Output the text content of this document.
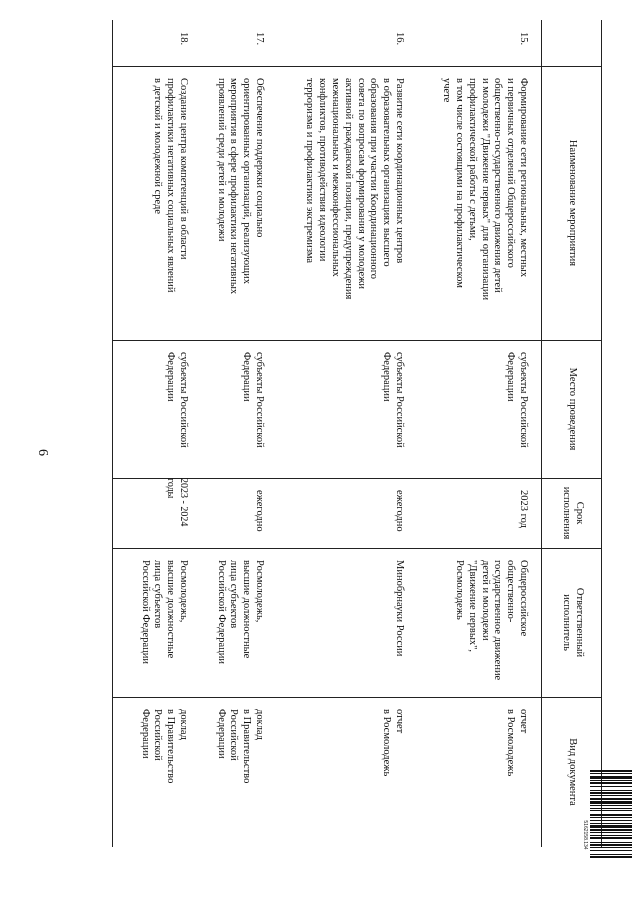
6
Наименование мероприятия
Место проведения
Срок
исполнения
Ответственный
исполнитель
Вид документа
15.
Формирование сети региональных, местных
и первичных отделений Общероссийского
общественно-государственного движения детей
и молодежи "Движение первых" для организации
профилактической работы с детьми,
в том числе состоящими на профилактическом
учете
субъекты Российской
Федерации
2023 год
Общероссийское
общественно-
государственное движение
детей и молодежи
"Движение первых",
Росмолодежь
отчет
в Росмолодежь
16.
Развитие сети координационных центров
в образовательных организациях высшего
образования при участии Координационного
совета по вопросам формирования у молодежи
активной гражданской позиции, предупреждения
межнациональных и межконфессиональных
конфликтов, противодействия идеологии
терроризма и профилактики экстремизма
субъекты Российской
Федерации
ежегодно
Минобрнауки России
отчет
в Росмолодежь
17.
Обеспечение поддержки социально
ориентированных организаций, реализующих
мероприятия в сфере профилактики негативных
проявлений среди детей и молодежи
субъекты Российской
Федерации
ежегодно
Росмолодежь,
высшие должностные
лица субъектов
Российской Федерации
доклад
в Правительство
Российской
Федерации
18.
Создание центра компетенций в области
профилактики негативных социальных явлений
в детской и молодежной среде
субъекты Российской
Федерации
2023 - 2024 годы
Росмолодежь,
высшие должностные
лица субъектов
Российской Федерации
доклад
в Правительство
Российской
Федерации
5162158.134
